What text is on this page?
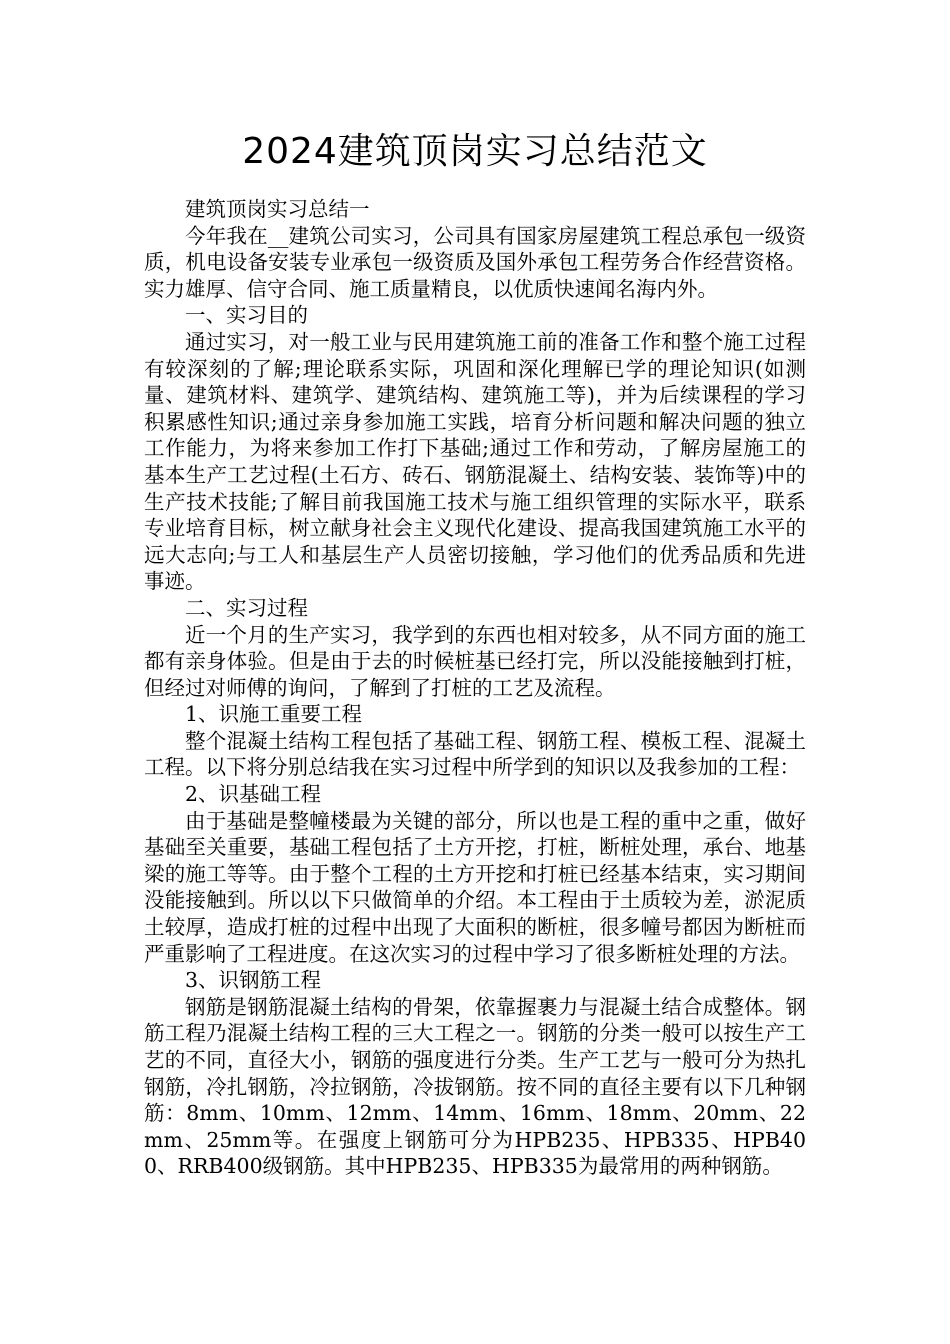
2024建筑顶岗实习总结范文

建筑顶岗实习总结一

今年我在__建筑公司实习，公司具有国家房屋建筑工程总承包一级资质，机电设备安装专业承包一级资质及国外承包工程劳务合作经营资格。实力雄厚、信守合同、施工质量精良，以优质快速闻名海内外。

一、实习目的

通过实习，对一般工业与民用建筑施工前的准备工作和整个施工过程有较深刻的了解;理论联系实际，巩固和深化理解已学的理论知识(如测量、建筑材料、建筑学、建筑结构、建筑施工等)，并为后续课程的学习积累感性知识;通过亲身参加施工实践，培育分析问题和解决问题的独立工作能力，为将来参加工作打下基础;通过工作和劳动，了解房屋施工的基本生产工艺过程(土石方、砖石、钢筋混凝土、结构安装、装饰等)中的生产技术技能;了解目前我国施工技术与施工组织管理的实际水平，联系专业培育目标，树立献身社会主义现代化建设、提高我国建筑施工水平的远大志向;与工人和基层生产人员密切接触，学习他们的优秀品质和先进事迹。

二、实习过程

近一个月的生产实习，我学到的东西也相对较多，从不同方面的施工都有亲身体验。但是由于去的时候桩基已经打完，所以没能接触到打桩，但经过对师傅的询问，了解到了打桩的工艺及流程。

1、识施工重要工程

整个混凝土结构工程包括了基础工程、钢筋工程、模板工程、混凝土工程。以下将分别总结我在实习过程中所学到的知识以及我参加的工程：

2、识基础工程

由于基础是整幢楼最为关键的部分，所以也是工程的重中之重，做好基础至关重要，基础工程包括了土方开挖，打桩，断桩处理，承台、地基梁的施工等等。由于整个工程的土方开挖和打桩已经基本结束，实习期间没能接触到。所以以下只做简单的介绍。本工程由于土质较为差，淤泥质土较厚，造成打桩的过程中出现了大面积的断桩，很多幢号都因为断桩而严重影响了工程进度。在这次实习的过程中学习了很多断桩处理的方法。

3、识钢筋工程

钢筋是钢筋混凝土结构的骨架，依靠握裹力与混凝土结合成整体。钢筋工程乃混凝土结构工程的三大工程之一。钢筋的分类一般可以按生产工艺的不同，直径大小，钢筋的强度进行分类。生产工艺与一般可分为热扎钢筋，冷扎钢筋，冷拉钢筋，冷拔钢筋。按不同的直径主要有以下几种钢筋：8mm、10mm、12mm、14mm、16mm、18mm、20mm、22mm、25mm等。在强度上钢筋可分为HPB235、HPB335、HPB400、RRB400级钢筋。其中HPB235、HPB335为最常用的两种钢筋。
